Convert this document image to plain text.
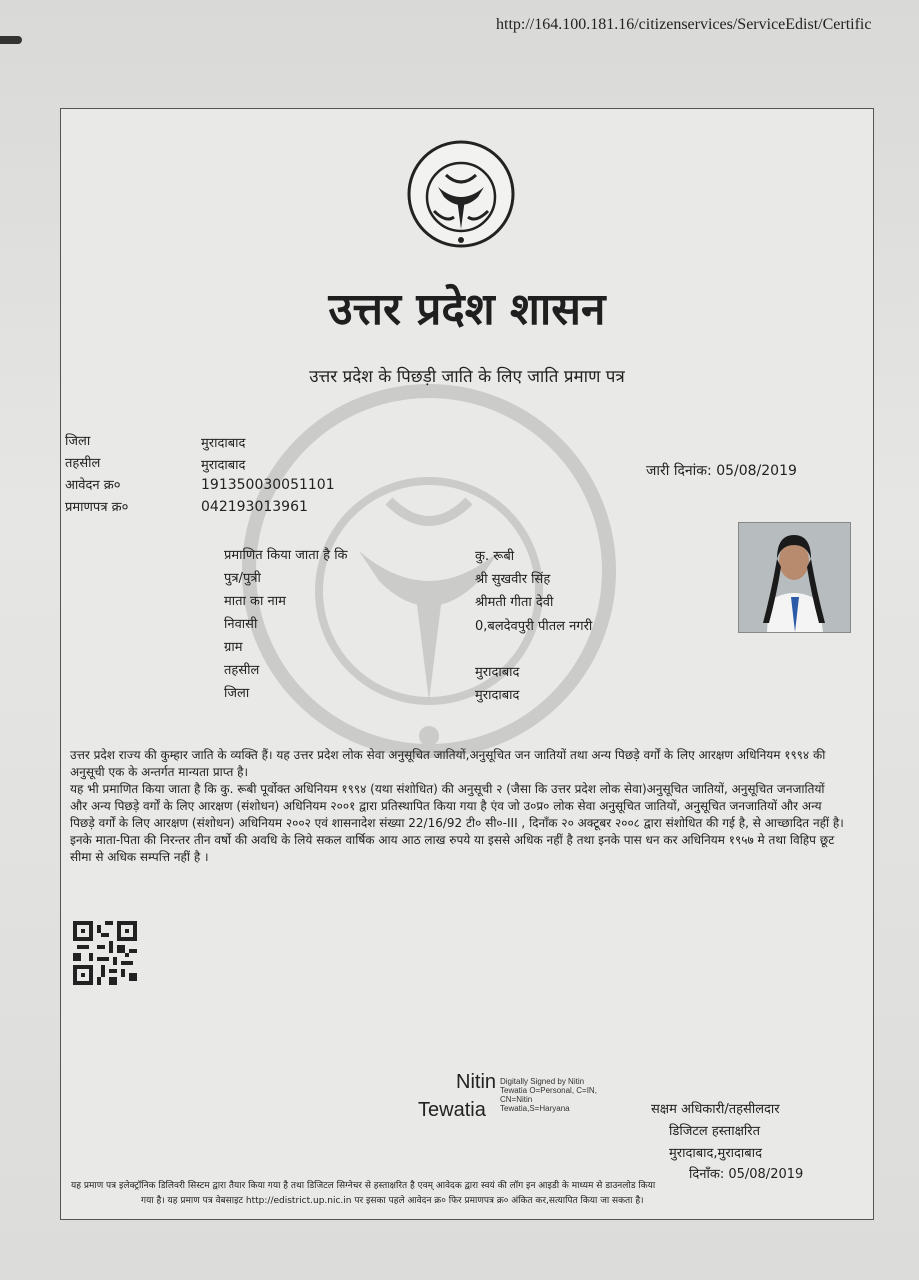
http://164.100.181.16/citizenservices/ServiceEdist/Certific
उत्तर प्रदेश शासन
उत्तर प्रदेश के पिछड़ी जाति के लिए जाति प्रमाण पत्र
जिला	मुरादाबाद
तहसील	मुरादाबाद
आवेदन क्र०	191350030051101
प्रमाणपत्र क्र०	042193013961
जारी दिनांक: 05/08/2019
प्रमाणित किया जाता है कि	कु. रूबी
पुत्र/पुत्री	श्री सुखवीर सिंह
माता का नाम	श्रीमती गीता देवी
निवासी	0,बलदेवपुरी पीतल नगरी
ग्राम
तहसील	मुरादाबाद
जिला	मुरादाबाद

उत्तर प्रदेश राज्य की कुम्हार जाति के व्यक्ति हैं। यह उत्तर प्रदेश लोक सेवा अनुसूचित जातियों,अनुसूचित जन जातियों तथा अन्य पिछड़े वर्गों के लिए आरक्षण अधिनियम १९९४ की अनुसूची एक के अन्तर्गत मान्यता प्राप्त है।

यह भी प्रमाणित किया जाता है कि कु. रूबी पूर्वोक्त अधिनियम १९९४ (यथा संशोधित) की अनुसूची २ (जैसा कि उत्तर प्रदेश लोक सेवा)अनुसूचित जातियों, अनुसूचित जनजातियों और अन्य पिछड़े वर्गों के लिए आरक्षण (संशोधन) अधिनियम २००१ द्वारा प्रतिस्थापित किया गया है एंव जो उ०प्र० लोक सेवा अनुसूचित जातियों, अनुसूचित जनजातियों और अन्य पिछड़े वर्गों के लिए आरक्षण (संशोधन) अधिनियम २००२ एवं शासनादेश संख्या 22/16/92 टी० सी०-III , दिनाँक २० अक्टूबर २००८ द्वारा संशोधित की गई है, से आच्छादित नहीं है।इनके माता-पिता की निरन्तर तीन वर्षो की अवधि के लिये सकल वार्षिक आय आठ लाख रुपये या इससे अधिक नहीं है तथा इनके पास धन कर अधिनियम १९५७ मे तथा विहिप छूट सीमा से अधिक सम्पत्ति नहीं है ।

Nitin
Tewatia
Digitally Signed by Nitin
Tewatia O=Personal, C=IN,
CN=Nitin
Tewatia,S=Haryana	सक्षम अधिकारी/तहसीलदार
डिजिटल हस्ताक्षरित
मुरादाबाद,मुरादाबाद
दिनाँक: 05/08/2019

यह प्रमाण पत्र इलेक्ट्रॉनिक डिलिवरी सिस्टम द्वारा तैयार किया गया है तथा डिजिटल सिग्नेचर से हस्ताक्षरित है एवम् आवेदक द्वारा स्वयं की लॉग इन आइडी के माध्यम से डाउनलोड किया

गया है। यह प्रमाण पत्र वेबसाइट http://edistrict.up.nic.in पर इसका पहले आवेदन क्र० फिर प्रमाणपत्र क्र० अंकित कर,सत्यापित किया जा सकता है।
